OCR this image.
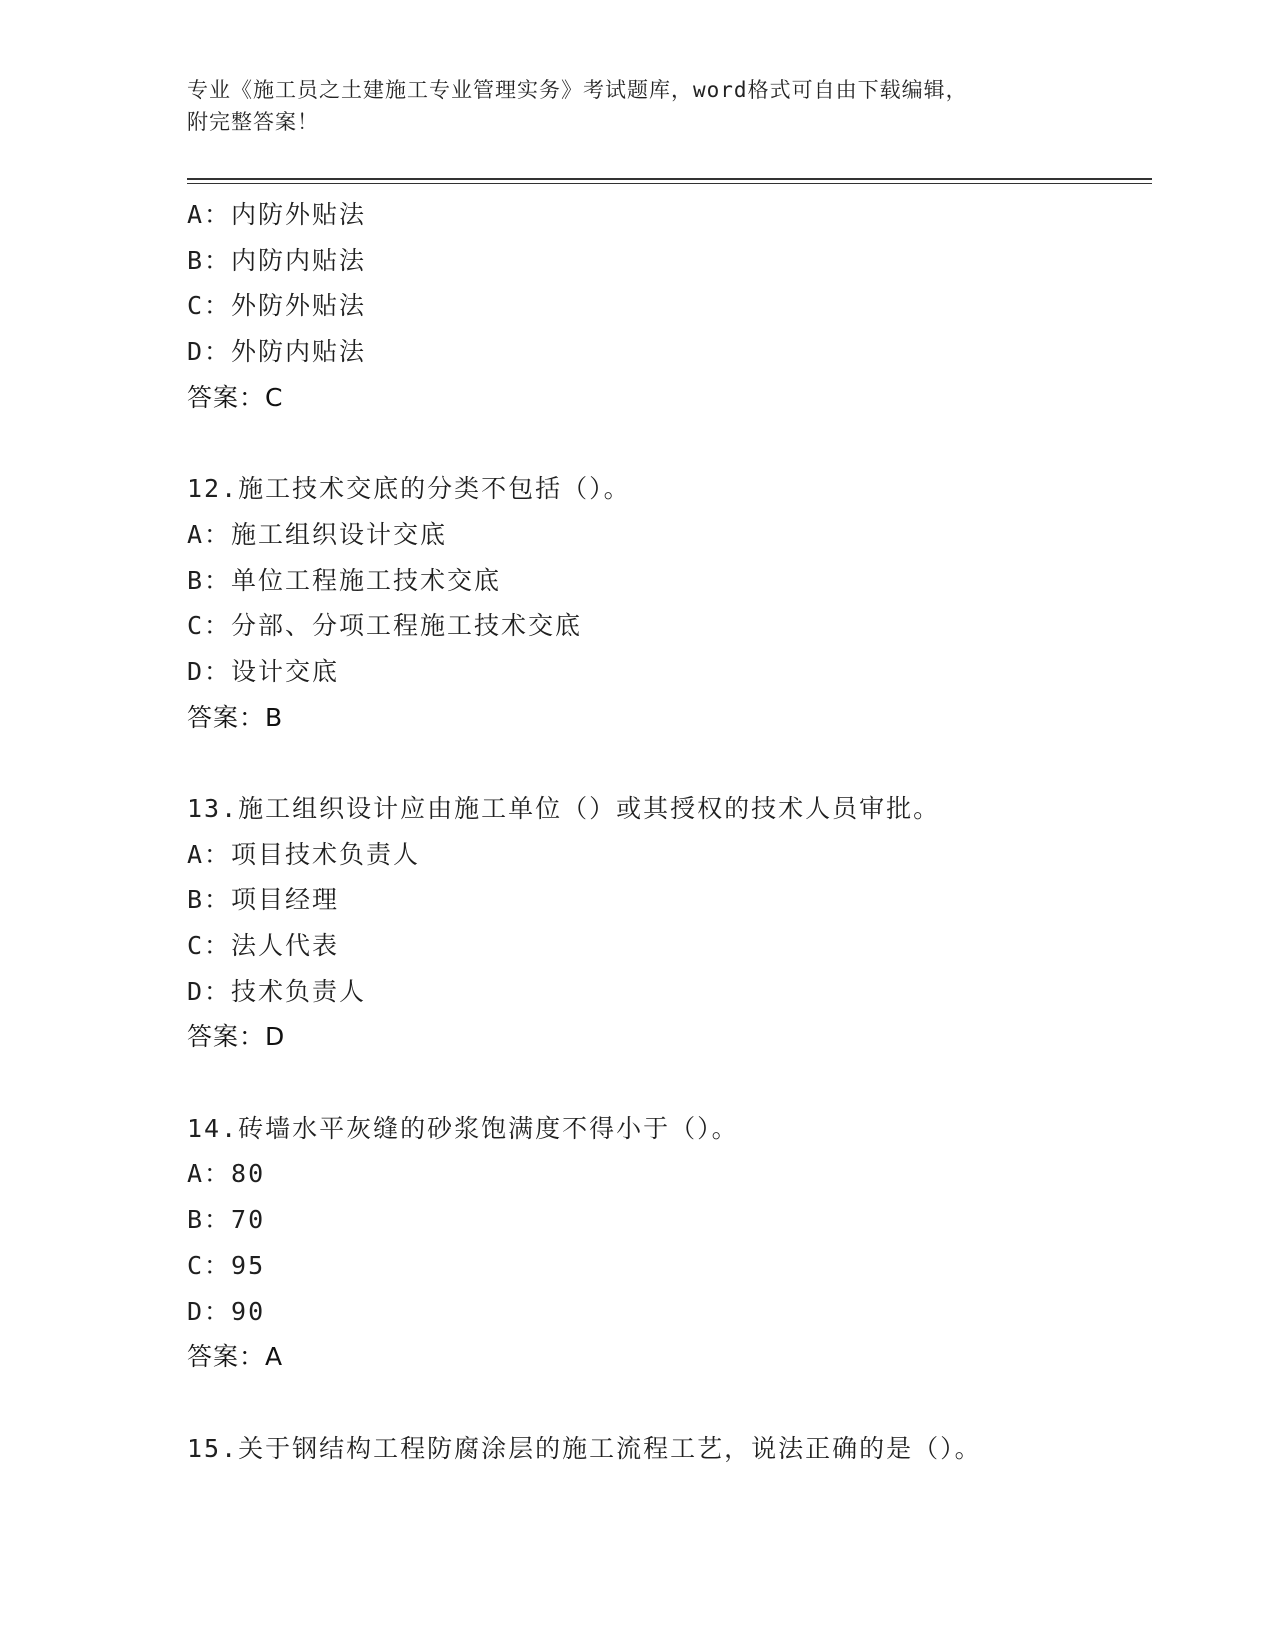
专业《施工员之土建施工专业管理实务》考试题库，word格式可自由下载编辑，
附完整答案！
A：内防外贴法
B：内防内贴法
C：外防外贴法
D：外防内贴法
答案：C
12.施工技术交底的分类不包括（）。
A：施工组织设计交底
B：单位工程施工技术交底
C：分部、分项工程施工技术交底
D：设计交底
答案：B
13.施工组织设计应由施工单位（）或其授权的技术人员审批。
A：项目技术负责人
B：项目经理
C：法人代表
D：技术负责人
答案：D
14.砖墙水平灰缝的砂浆饱满度不得小于（）。
A：80
B：70
C：95
D：90
答案：A
15.关于钢结构工程防腐涂层的施工流程工艺，说法正确的是（）。
